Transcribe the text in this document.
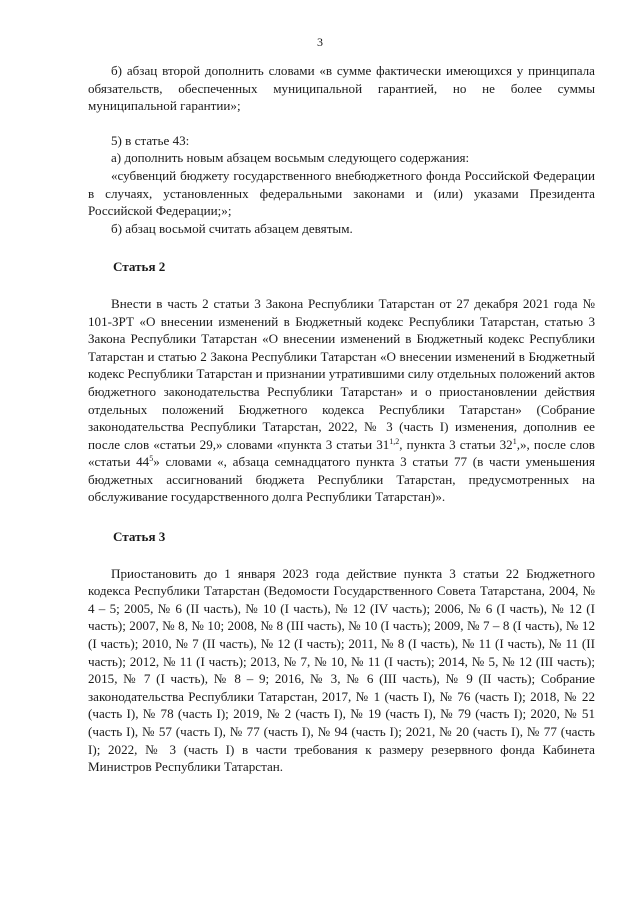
3

б) абзац второй дополнить словами «в сумме фактически имеющихся у принципала обязательств, обеспеченных муниципальной гарантией, но не более суммы муниципальной гарантии»;

5) в статье 43:

а) дополнить новым абзацем восьмым следующего содержания:

«субвенций бюджету государственного внебюджетного фонда Российской Федерации в случаях, установленных федеральными законами и (или) указами Президента Российской Федерации;»;

б) абзац восьмой считать абзацем девятым.

Статья 2

Внести в часть 2 статьи 3 Закона Республики Татарстан от 27 декабря 2021 года № 101-ЗРТ «О внесении изменений в Бюджетный кодекс Республики Татарстан, статью 3 Закона Республики Татарстан «О внесении изменений в Бюджетный кодекс Республики Татарстан и статью 2 Закона Республики Татарстан «О внесении изменений в Бюджетный кодекс Республики Татарстан и признании утратившими силу отдельных положений актов бюджетного законодательства Республики Татарстан» и о приостановлении действия отдельных положений Бюджетного кодекса Республики Татарстан» (Собрание законодательства Республики Татарстан, 2022, № 3 (часть I) изменения, дополнив ее после слов «статьи 29,» словами «пункта 3 статьи 31$^{1,2}$, пункта 3 статьи $32^1$,», после слов «статьи $44^5$» словами «, абзаца семнадцатого пункта 3 статьи 77 (в части уменьшения бюджетных ассигнований бюджета Республики Татарстан, предусмотренных на обслуживание государственного долга Республики Татарстан)».

Статья 3

Приостановить до 1 января 2023 года действие пункта 3 статьи 22 Бюджетного кодекса Республики Татарстан (Ведомости Государственного Совета Татарстана, 2004, № 4 – 5; 2005, № 6 (II часть), № 10 (I часть), № 12 (IV часть); 2006, № 6 (I часть), № 12 (I часть); 2007, № 8, № 10; 2008, № 8 (III часть), № 10 (I часть); 2009, № 7 – 8 (I часть), № 12 (I часть); 2010, № 7 (II часть), № 12 (I часть); 2011, № 8 (I часть), № 11 (I часть), № 11 (II часть); 2012, № 11 (I часть); 2013, № 7, № 10, № 11 (I часть); 2014, № 5, № 12 (III часть); 2015, № 7 (I часть), № 8 – 9; 2016, № 3, № 6 (III часть), № 9 (II часть); Собрание законодательства Республики Татарстан, 2017, № 1 (часть I), № 76 (часть I); 2018, № 22 (часть I), № 78 (часть I); 2019, № 2 (часть I), № 19 (часть I), № 79 (часть I); 2020, № 51 (часть I), № 57 (часть I), № 77 (часть I), № 94 (часть I); 2021, № 20 (часть I), № 77 (часть I); 2022, № 3 (часть I) в части требования к размеру резервного фонда Кабинета Министров Республики Татарстан.
